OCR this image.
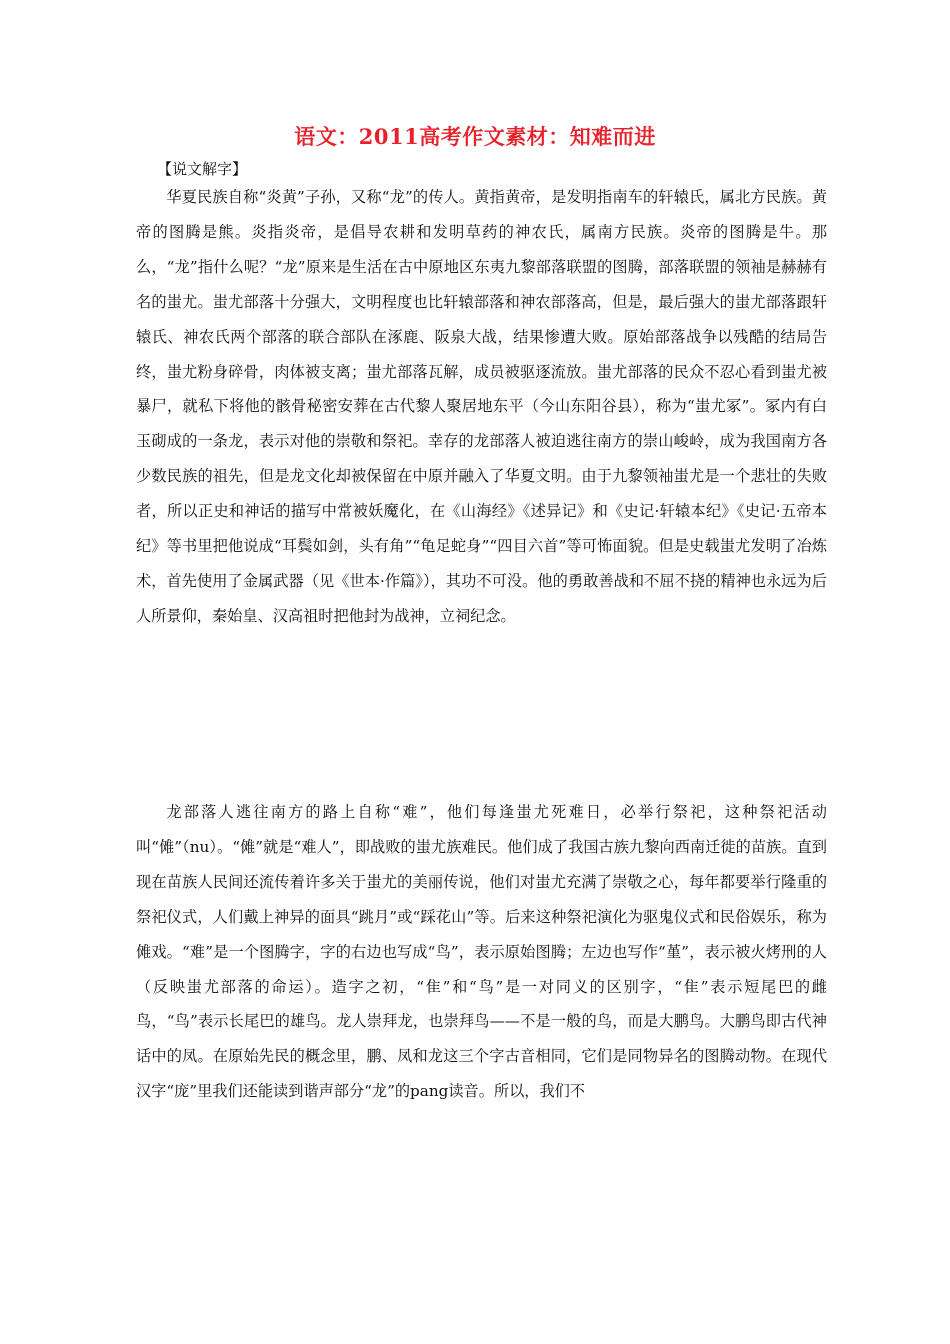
语文：2011高考作文素材：知难而进

【说文解字】

华夏民族自称“炎黄”子孙，又称“龙”的传人。黄指黄帝，是发明指南车的轩辕氏，属北方民族。黄帝的图腾是熊。炎指炎帝，是倡导农耕和发明草药的神农氏，属南方民族。炎帝的图腾是牛。那么，“龙”指什么呢？“龙”原来是生活在古中原地区东夷九黎部落联盟的图腾，部落联盟的领袖是赫赫有名的蚩尤。蚩尤部落十分强大，文明程度也比轩辕部落和神农部落高，但是，最后强大的蚩尤部落跟轩辕氏、神农氏两个部落的联合部队在涿鹿、阪泉大战，结果惨遭大败。原始部落战争以残酷的结局告终，蚩尤粉身碎骨，肉体被支离；蚩尤部落瓦解，成员被驱逐流放。蚩尤部落的民众不忍心看到蚩尤被暴尸，就私下将他的骸骨秘密安葬在古代黎人聚居地东平（今山东阳谷县），称为“蚩尤冢”。冢内有白玉砌成的一条龙，表示对他的崇敬和祭祀。幸存的龙部落人被迫逃往南方的崇山峻岭，成为我国南方各少数民族的祖先，但是龙文化却被保留在中原并融入了华夏文明。由于九黎领袖蚩尤是一个悲壮的失败者，所以正史和神话的描写中常被妖魔化，在《山海经》《述异记》和《史记·轩辕本纪》《史记·五帝本纪》等书里把他说成“耳鬓如剑，头有角”“龟足蛇身”“四目六首”等可怖面貌。但是史载蚩尤发明了冶炼术，首先使用了金属武器（见《世本·作篇》），其功不可没。他的勇敢善战和不屈不挠的精神也永远为后人所景仰，秦始皇、汉高祖时把他封为战神，立祠纪念。

龙部落人逃往南方的路上自称“难”，他们每逢蚩尤死难日，必举行祭祀，这种祭祀活动叫“傩”（nu）。“傩”就是“难人”，即战败的蚩尤族难民。他们成了我国古族九黎向西南迁徙的苗族。直到现在苗族人民间还流传着许多关于蚩尤的美丽传说，他们对蚩尤充满了崇敬之心，每年都要举行隆重的祭祀仪式，人们戴上神异的面具“跳月”或“踩花山”等。后来这种祭祀演化为驱鬼仪式和民俗娱乐，称为傩戏。“难”是一个图腾字，字的右边也写成“鸟”，表示原始图腾；左边也写作“堇”，表示被火烤刑的人（反映蚩尤部落的命运）。造字之初，“隹”和“鸟”是一对同义的区别字，“隹”表示短尾巴的雌鸟，“鸟”表示长尾巴的雄鸟。龙人崇拜龙，也崇拜鸟——不是一般的鸟，而是大鹏鸟。大鹏鸟即古代神话中的凤。在原始先民的概念里，鹏、凤和龙这三个字古音相同，它们是同物异名的图腾动物。在现代汉字“庞”里我们还能读到谐声部分“龙”的pang读音。所以，我们不
